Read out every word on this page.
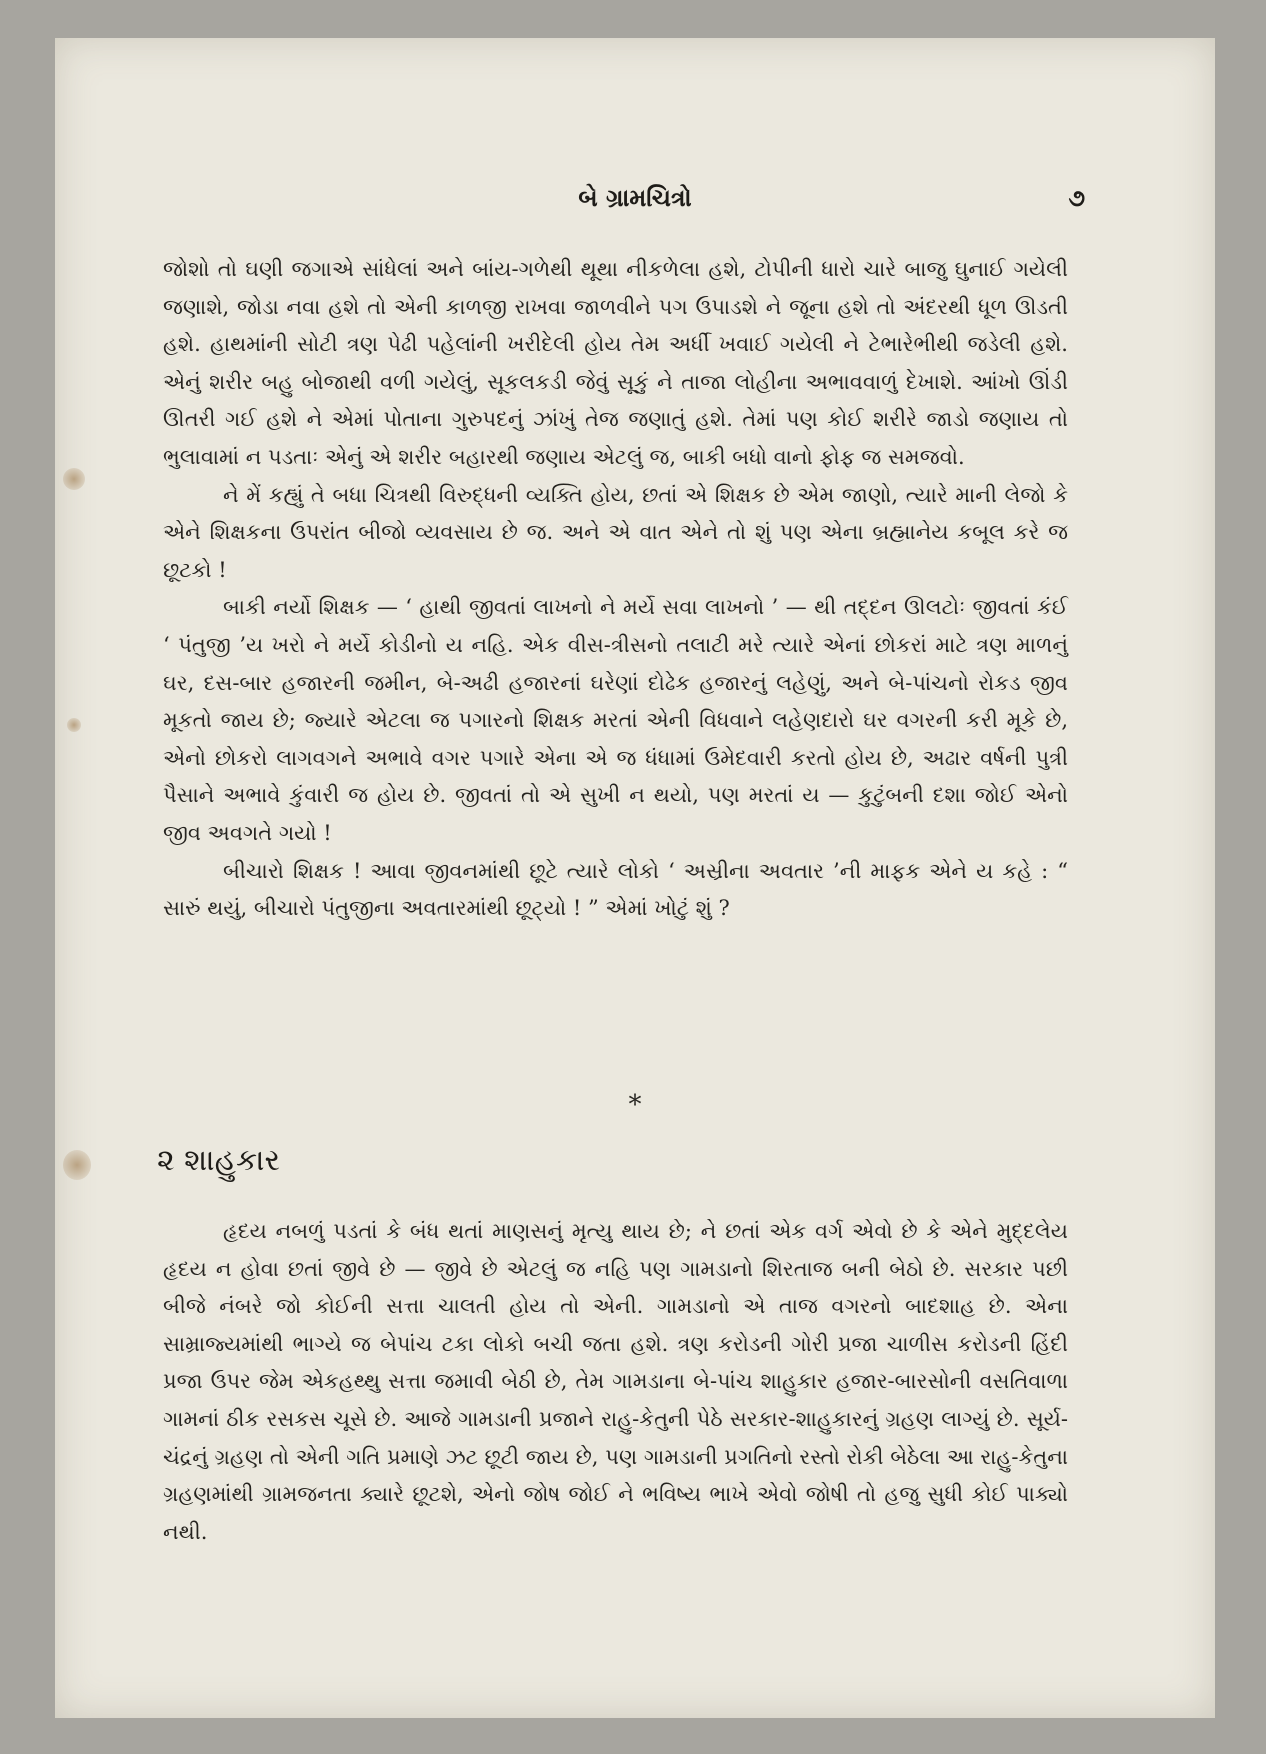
બે ગ્રામચિત્રો	૭

જોશો તો ઘણી જગાએ સાંધેલાં અને બાંય-ગળેથી થૂથા નીકળેલા હશે, ટોપીની ધારો ચારે બાજુ ઘુનાઈ ગયેલી જણાશે, જોડા નવા હશે તો એની કાળજી રાખવા જાળવીને પગ ઉપાડશે ને જૂના હશે તો અંદરથી ધૂળ ઊડતી હશે. હાથમાંની સોટી ત્રણ પેઢી પહેલાંની ખરીદેલી હોય તેમ અર્ધી ખવાઈ ગયેલી ને ટેભારેભીથી જડેલી હશે. એનું શરીર બહુ બોજાથી વળી ગયેલું, સૂકલકડી જેવું સૂકું ને તાજા લોહીના અભાવવાળું દેખાશે. આંખો ઊંડી ઊતરી ગઈ હશે ને એમાં પોતાના ગુરુપદનું ઝાંખું તેજ જણાતું હશે. તેમાં પણ કોઈ શરીરે જાડો જણાય તો ભુલાવામાં ન પડતાઃ એનું એ શરીર બહારથી જણાય એટલું જ, બાકી બધો વાનો ફોફ જ સમજવો.

ને મેં કહ્યું તે બધા ચિત્રથી વિરુદ્ધની વ્યક્તિ હોય, છતાં એ શિક્ષક છે એમ જાણો, ત્યારે માની લેજો કે એને શિક્ષકના ઉપરાંત બીજો વ્યવસાય છે જ. અને એ વાત એને તો શું પણ એના બ્રહ્માનેય કબૂલ કરે જ છૂટકો !

બાકી નર્યો શિક્ષક — ‘ હાથી જીવતાં લાખનો ને મર્યે સવા લાખનો ’ — થી તદ્દન ઊલટોઃ જીવતાં કંઈ ‘ પંતુજી ’ય ખરો ને મર્યે કોડીનો ય નહિ. એક વીસ-ત્રીસનો તલાટી મરે ત્યારે એનાં છોકરાં માટે ત્રણ માળનું ઘર, દસ-બાર હજારની જમીન, બે-અઢી હજારનાં ઘરેણાં દોઢેક હજારનું લહેણું, અને બે-પાંચનો રોકડ જીવ મૂકતો જાય છે; જ્યારે એટલા જ પગારનો શિક્ષક મરતાં એની વિધવાને લહેણદારો ઘર વગરની કરી મૂકે છે, એનો છોકરો લાગવગને અભાવે વગર પગારે એના એ જ ધંધામાં ઉમેદવારી કરતો હોય છે, અઢાર વર્ષની પુત્રી પૈસાને અભાવે કુંવારી જ હોય છે. જીવતાં તો એ સુખી ન થયો, પણ મરતાં ય — કુટુંબની દશા જોઈ એનો જીવ અવગતે ગયો !

બીચારો શિક્ષક ! આવા જીવનમાંથી છૂટે ત્યારે લોકો ‘ અસ્રીના અવતાર ’ની માફક એને ય કહે : “ સારું થયું, બીચારો પંતુજીના અવતારમાંથી છૂટ્યો ! ” એમાં ખોટું શું ?

*
૨ શાહુકાર

હૃદય નબળું પડતાં કે બંધ થતાં માણસનું મૃત્યુ થાય છે; ને છતાં એક વર્ગ એવો છે કે એને મુદ્દલેય હૃદય ન હોવા છતાં જીવે છે — જીવે છે એટલું જ નહિ પણ ગામડાનો શિરતાજ બની બેઠો છે. સરકાર પછી બીજે નંબરે જો કોઈની સત્તા ચાલતી હોય તો એની. ગામડાનો એ તાજ વગરનો બાદશાહ છે. એના સામ્રાજ્યમાંથી ભાગ્યે જ બેપાંચ ટકા લોકો બચી જતા હશે. ત્રણ કરોડની ગોરી પ્રજા ચાળીસ કરોડની હિંદી પ્રજા ઉપર જેમ એકહથ્થુ સત્તા જમાવી બેઠી છે, તેમ ગામડાના બે-પાંચ શાહુકાર હજાર-બારસોની વસતિવાળા ગામનાં ઠીક રસકસ ચૂસે છે. આજે ગામડાની પ્રજાને રાહુ-કેતુની પેઠે સરકાર-શાહુકારનું ગ્રહણ લાગ્યું છે. સૂર્ય-ચંદ્રનું ગ્રહણ તો એની ગતિ પ્રમાણે ઝટ છૂટી જાય છે, પણ ગામડાની પ્રગતિનો રસ્તો રોકી બેઠેલા આ રાહુ-કેતુના ગ્રહણમાંથી ગ્રામજનતા ક્યારે છૂટશે, એનો જોષ જોઈ ને ભવિષ્ય ભાખે એવો જોષી તો હજુ સુધી કોઈ પાક્યો નથી.
